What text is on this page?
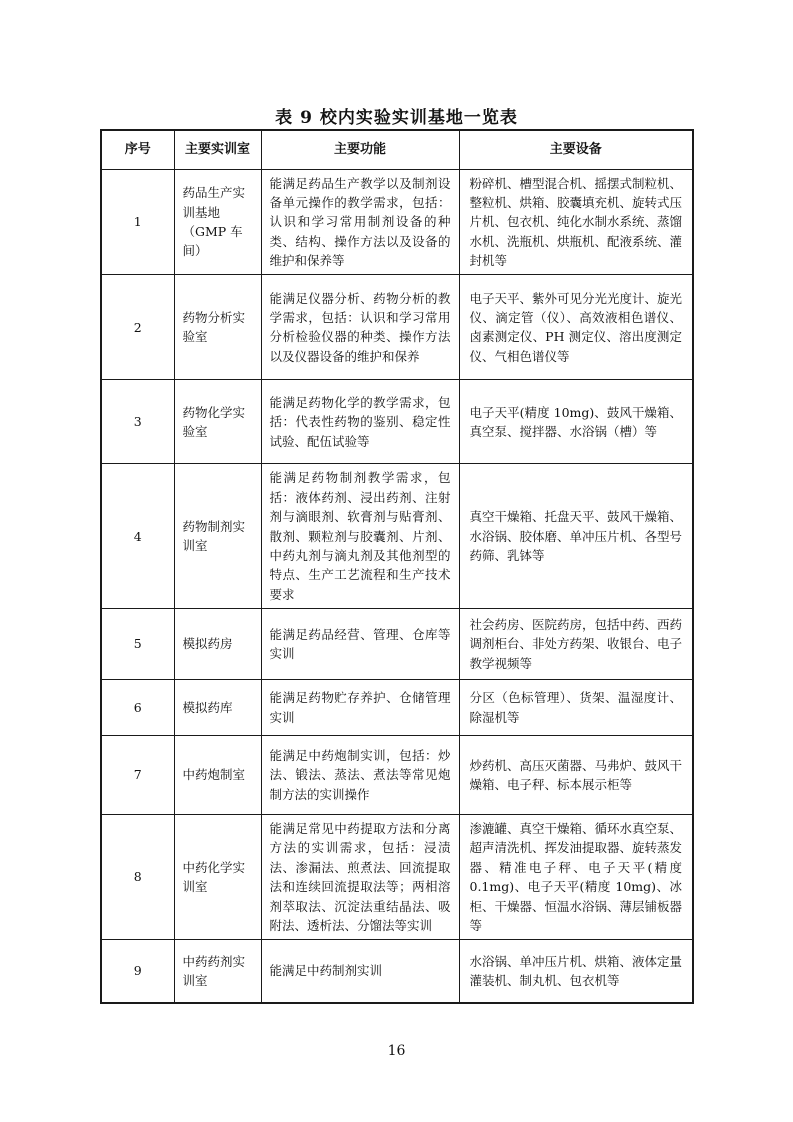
表 9 校内实验实训基地一览表
序号	主要实训室	主要功能	主要设备
1	药品生产实训基地（GMP 车间）	能满足药品生产教学以及制剂设备单元操作的教学需求，包括：认识和学习常用制剂设备的种类、结构、操作方法以及设备的维护和保养等	粉碎机、槽型混合机、摇摆式制粒机、整粒机、烘箱、胶囊填充机、旋转式压片机、包衣机、纯化水制水系统、蒸馏水机、洗瓶机、烘瓶机、配液系统、灌封机等
2	药物分析实验室	能满足仪器分析、药物分析的教学需求，包括：认识和学习常用分析检验仪器的种类、操作方法以及仪器设备的维护和保养	电子天平、紫外可见分光光度计、旋光仪、滴定管（仪）、高效液相色谱仪、卤素测定仪、PH 测定仪、溶出度测定仪、气相色谱仪等
3	药物化学实验室	能满足药物化学的教学需求，包括：代表性药物的鉴别、稳定性试验、配伍试验等	电子天平(精度 10mg)、鼓风干燥箱、真空泵、搅拌器、水浴锅（槽）等
4	药物制剂实训室	能满足药物制剂教学需求，包括：液体药剂、浸出药剂、注射剂与滴眼剂、软膏剂与贴膏剂、散剂、颗粒剂与胶囊剂、片剂、中药丸剂与滴丸剂及其他剂型的特点、生产工艺流程和生产技术要求	真空干燥箱、托盘天平、鼓风干燥箱、水浴锅、胶体磨、单冲压片机、各型号药筛、乳钵等
5	模拟药房	能满足药品经营、管理、仓库等实训	社会药房、医院药房，包括中药、西药调剂柜台、非处方药架、收银台、电子教学视频等
6	模拟药库	能满足药物贮存养护、仓储管理实训	分区（色标管理）、货架、温湿度计、除湿机等
7	中药炮制室	能满足中药炮制实训，包括：炒法、锻法、蒸法、煮法等常见炮制方法的实训操作	炒药机、高压灭菌器、马弗炉、鼓风干燥箱、电子秤、标本展示柜等
8	中药化学实训室	能满足常见中药提取方法和分离方法的实训需求，包括：浸渍法、渗漏法、煎煮法、回流提取法和连续回流提取法等；两相溶剂萃取法、沉淀法重结晶法、吸附法、透析法、分馏法等实训	渗漉罐、真空干燥箱、循环水真空泵、超声清洗机、挥发油提取器、旋转蒸发器、精准电子秤、电子天平(精度 0.1mg)、电子天平(精度 10mg)、冰柜、干燥器、恒温水浴锅、薄层铺板器等
9	中药药剂实训室	能满足中药制剂实训	水浴锅、单冲压片机、烘箱、液体定量灌装机、制丸机、包衣机等
16
